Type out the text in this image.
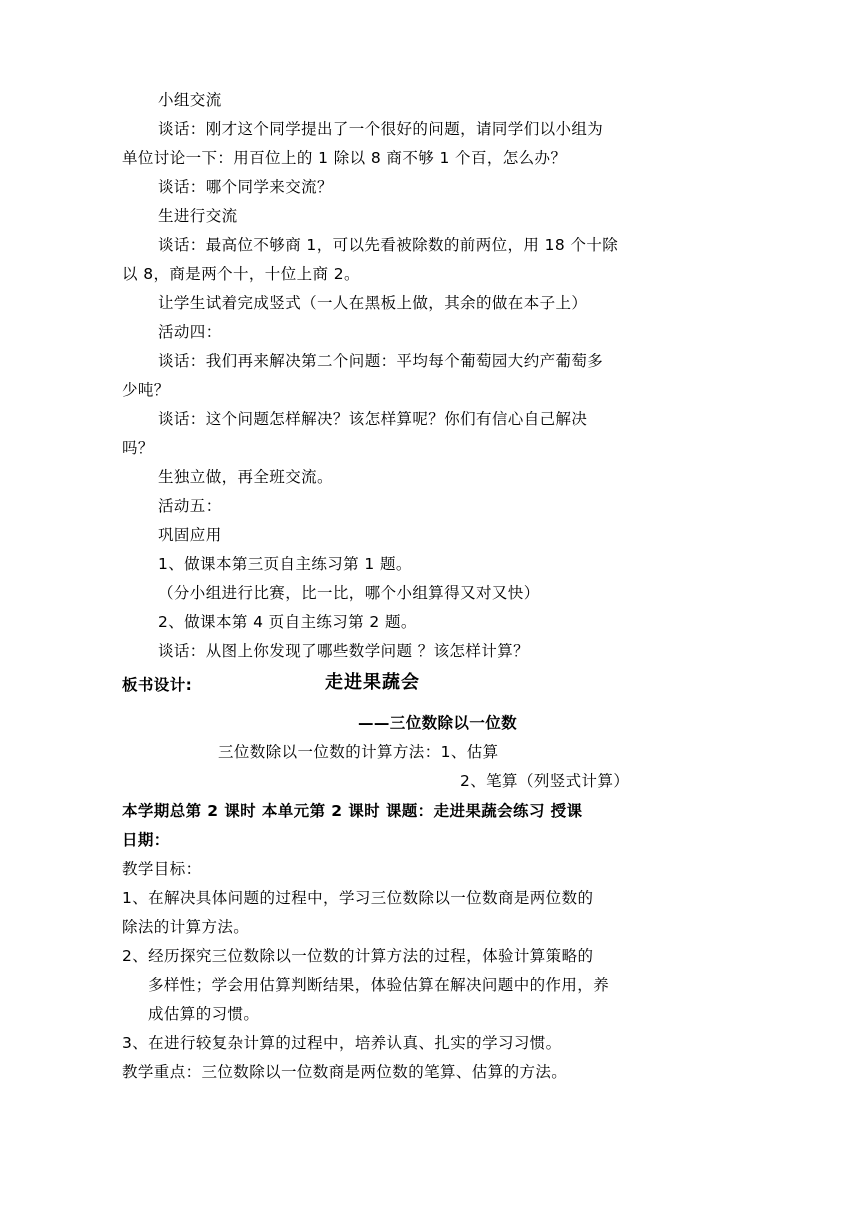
小组交流
谈话：刚才这个同学提出了一个很好的问题，请同学们以小组为
单位讨论一下：用百位上的 1 除以 8 商不够 1 个百，怎么办？
谈话：哪个同学来交流？
生进行交流
谈话：最高位不够商 1，可以先看被除数的前两位，用 18 个十除
以 8，商是两个十，十位上商 2。
让学生试着完成竖式（一人在黑板上做，其余的做在本子上）
活动四：
谈话：我们再来解决第二个问题：平均每个葡萄园大约产葡萄多
少吨？
谈话：这个问题怎样解决？该怎样算呢？你们有信心自己解决
吗？
生独立做，再全班交流。
活动五：
巩固应用
1、做课本第三页自主练习第 1 题。
（分小组进行比赛，比一比，哪个小组算得又对又快）
2、做课本第 4 页自主练习第 2 题。
谈话：从图上你发现了哪些数学问题 ？该怎样计算？
板书设计:	走进果蔬会
——三位数除以一位数
三位数除以一位数的计算方法：1、估算
2、笔算（列竖式计算）
本学期总第 2 课时 本单元第 2 课时 课题：走进果蔬会练习 授课
日期：
教学目标：
1、在解决具体问题的过程中，学习三位数除以一位数商是两位数的
除法的计算方法。
2、经历探究三位数除以一位数的计算方法的过程，体验计算策略的
多样性；学会用估算判断结果，体验估算在解决问题中的作用，养
成估算的习惯。
3、在进行较复杂计算的过程中，培养认真、扎实的学习习惯。
教学重点：三位数除以一位数商是两位数的笔算、估算的方法。
